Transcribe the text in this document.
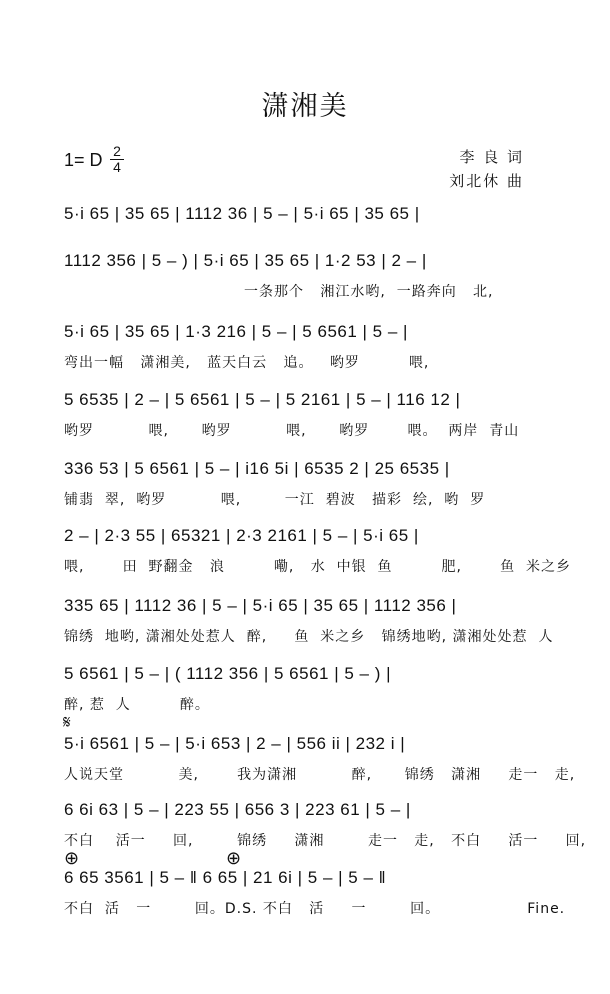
潇湘美
1= D 2
4
李 良 词
刘北休 曲
5·i 65 | 35 65 | 1112 36 | 5 – | 5·i 65 | 35 65 |
1112 356 | 5 – ) | 5·i 65 | 35 65 | 1·2 53 | 2 – |
一条那个   湘江水哟,  一路奔向   北,
5·i 65 | 35 65 | 1·3 216 | 5 – | 5 6561 | 5 – |
弯出一幅   潇湘美,   蓝天白云   追。   哟罗         喂,
5 6535 | 2 – | 5 6561 | 5 – | 5 2161 | 5 – | 116 12 |
哟罗          喂,      哟罗          喂,      哟罗       喂。  两岸  青山
336 53 | 5 6561 | 5 – | i16 5i | 6535 2 | 25 6535 |
铺翡  翠,  哟罗          喂,        一江  碧波   描彩  绘,  哟  罗
2 – | 2·3 55 | 65321 | 2·3 2161 | 5 – | 5·i 65 |
喂,       田  野翻金   浪         嘞,   水  中银  鱼         肥,       鱼  米之乡
335 65 | 1112 36 | 5 – | 5·i 65 | 35 65 | 1112 356 |
锦绣  地哟, 潇湘处处惹人  醉,     鱼  米之乡   锦绣地哟, 潇湘处处惹  人
5 6561 | 5 – | ( 1112 356 | 5 6561 | 5 – ) |
醉, 惹  人         醉。
𝄋
5·i 6561 | 5 – | 5·i 653 | 2 – | 556 ii | 232 i |
人说天堂          美,       我为潇湘          醉,      锦绣   潇湘     走一   走,
6 6i 63 | 5 – | 223 55 | 656 3 | 223 61 | 5 – |
不白    活一     回,        锦绣     潇湘        走一   走,   不白     活一     回,
⊕	⊕
6 65 3561 | 5 – ‖ 6 65 | 21 6i | 5 – | 5 – ‖
不白  活   一        回。D.S. 不白   活     一        回。                Fine.
